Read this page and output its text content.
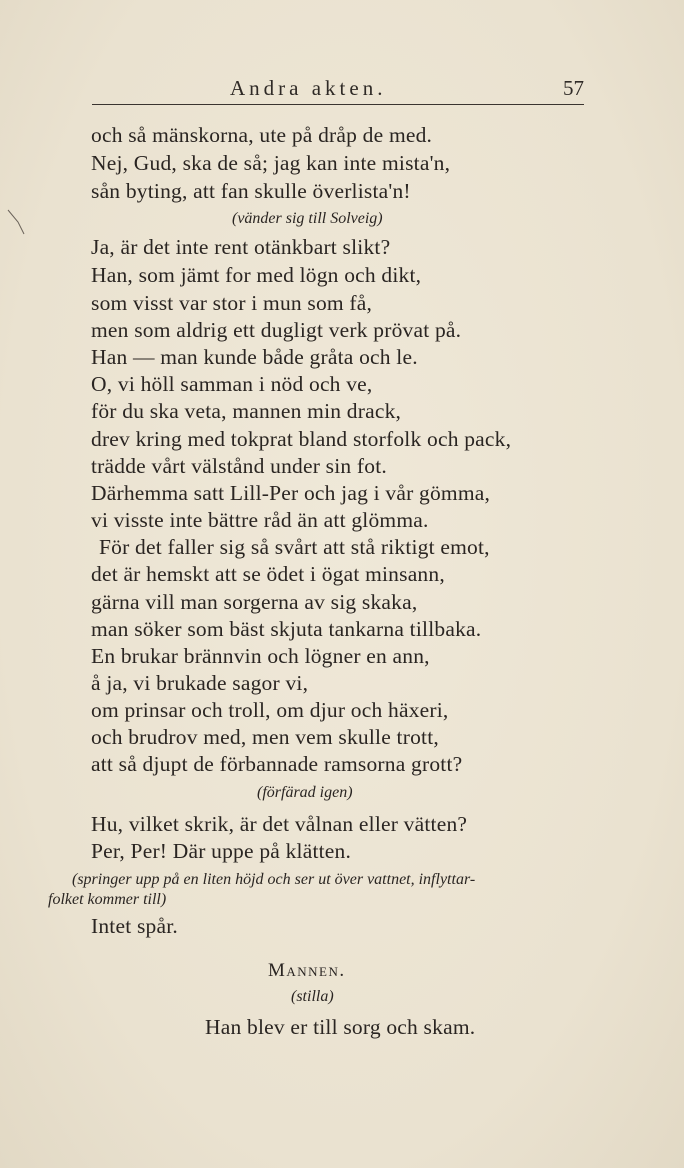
Andra akten.	57
och så mänskorna, ute på dråp de med.
Nej, Gud, ska de så; jag kan inte mista'n,
sån byting, att fan skulle överlista'n!
(vänder sig till Solveig)
Ja, är det inte rent otänkbart slikt?
Han, som jämt for med lögn och dikt,
som visst var stor i mun som få,
men som aldrig ett dugligt verk prövat på.
Han — man kunde både gråta och le.
O, vi höll samman i nöd och ve,
för du ska veta, mannen min drack,
drev kring med tokprat bland storfolk och pack,
trädde vårt välstånd under sin fot.
Därhemma satt Lill-Per och jag i vår gömma,
vi visste inte bättre råd än att glömma.
För det faller sig så svårt att stå riktigt emot,
det är hemskt att se ödet i ögat minsann,
gärna vill man sorgerna av sig skaka,
man söker som bäst skjuta tankarna tillbaka.
En brukar brännvin och lögner en ann,
å ja, vi brukade sagor vi,
om prinsar och troll, om djur och häxeri,
och brudrov med, men vem skulle trott,
att så djupt de förbannade ramsorna grott?
(förfärad igen)
Hu, vilket skrik, är det vålnan eller vätten?
Per, Per! Där uppe på klätten.
(springer upp på en liten höjd och ser ut över vattnet, inflyttar-
folket kommer till)
Intet spår.
Mannen.
(stilla)
Han blev er till sorg och skam.
